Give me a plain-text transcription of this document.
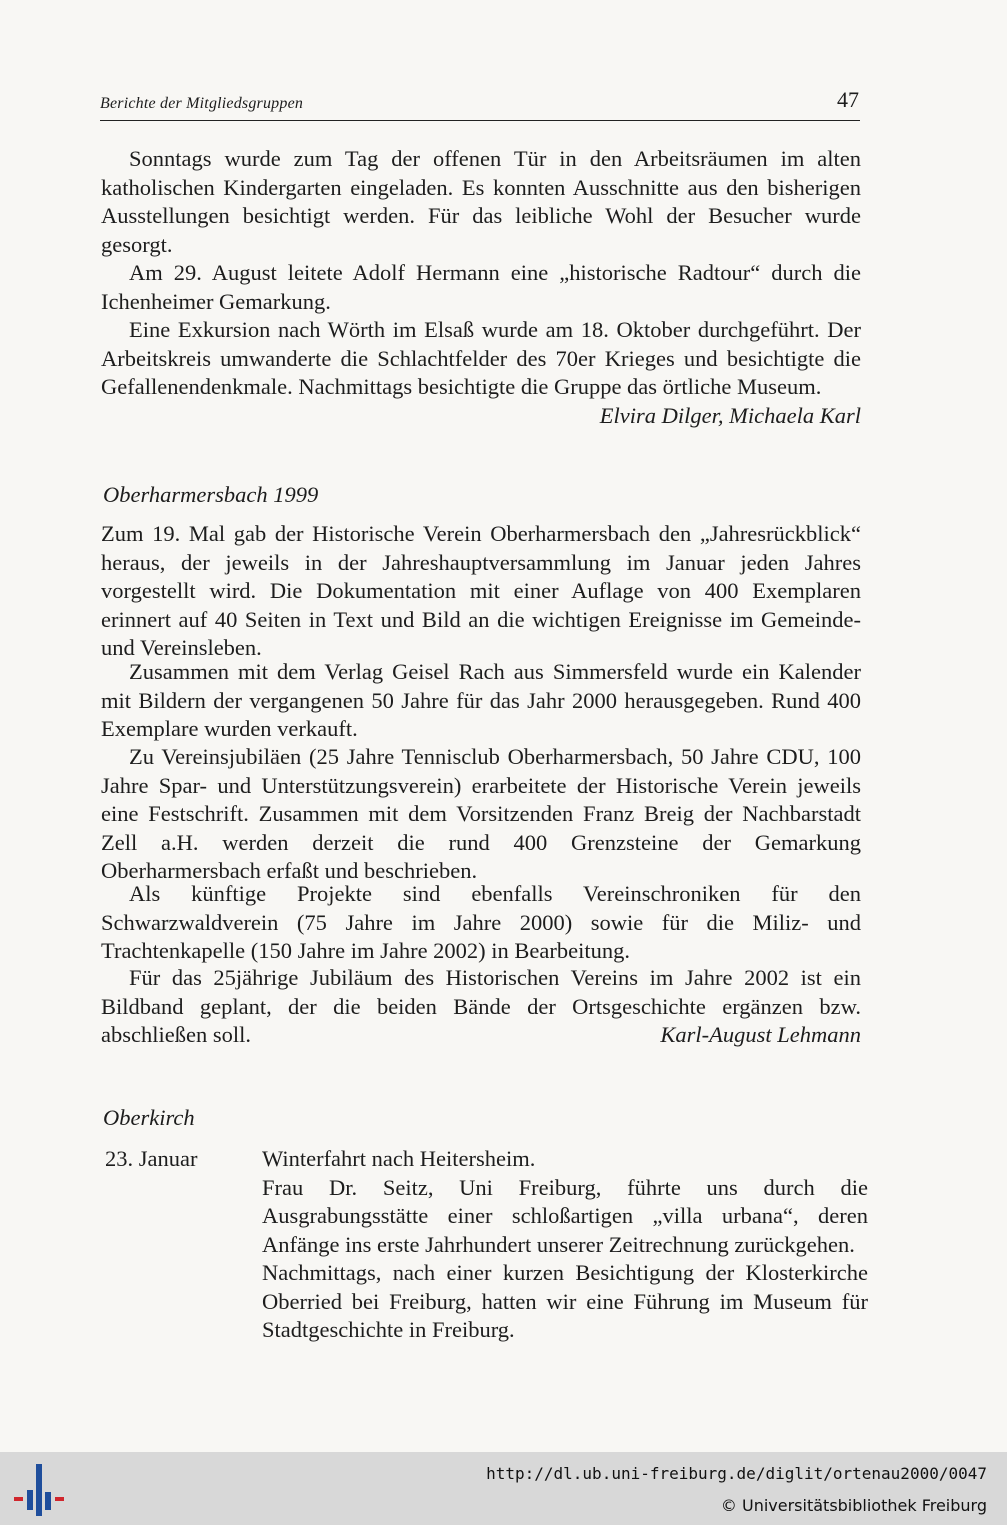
Berichte der Mitgliedsgruppen	47

Sonntags wurde zum Tag der offenen Tür in den Arbeitsräumen im alten katholischen Kindergarten eingeladen. Es konnten Ausschnitte aus den bisherigen Ausstellungen besichtigt werden. Für das leibliche Wohl der Besucher wurde gesorgt.

Am 29. August leitete Adolf Hermann eine „historische Radtour“ durch die Ichenheimer Gemarkung.

Eine Exkursion nach Wörth im Elsaß wurde am 18. Oktober durchgeführt. Der Arbeitskreis umwanderte die Schlachtfelder des 70er Krieges und besichtigte die Gefallenendenkmale. Nachmittags besichtigte die Gruppe das örtliche Museum.
Elvira Dilger, Michaela Karl

Oberharmersbach 1999

Zum 19. Mal gab der Historische Verein Oberharmersbach den „Jahresrückblick“ heraus, der jeweils in der Jahreshauptversammlung im Januar jeden Jahres vorgestellt wird. Die Dokumentation mit einer Auflage von 400 Exemplaren erinnert auf 40 Seiten in Text und Bild an die wichtigen Ereignisse im Gemeinde- und Vereinsleben.

Zusammen mit dem Verlag Geisel Rach aus Simmersfeld wurde ein Kalender mit Bildern der vergangenen 50 Jahre für das Jahr 2000 herausgegeben. Rund 400 Exemplare wurden verkauft.

Zu Vereinsjubiläen (25 Jahre Tennisclub Oberharmersbach, 50 Jahre CDU, 100 Jahre Spar- und Unterstützungsverein) erarbeitete der Historische Verein jeweils eine Festschrift. Zusammen mit dem Vorsitzenden Franz Breig der Nachbarstadt Zell a.H. werden derzeit die rund 400 Grenzsteine der Gemarkung Oberharmersbach erfaßt und beschrieben.

Als künftige Projekte sind ebenfalls Vereinschroniken für den Schwarzwaldverein (75 Jahre im Jahre 2000) sowie für die Miliz- und Trachtenkapelle (150 Jahre im Jahre 2002) in Bearbeitung.

Für das 25jährige Jubiläum des Historischen Vereins im Jahre 2002 ist ein Bildband geplant, der die beiden Bände der Ortsgeschichte ergänzen bzw. abschließen soll.	Karl-August Lehmann

Oberkirch
23. Januar	Winterfahrt nach Heitersheim.

Frau Dr. Seitz, Uni Freiburg, führte uns durch die Ausgrabungsstätte einer schloßartigen „villa urbana“, deren Anfänge ins erste Jahrhundert unserer Zeitrechnung zurückgehen.

Nachmittags, nach einer kurzen Besichtigung der Klosterkirche Oberried bei Freiburg, hatten wir eine Führung im Museum für Stadtgeschichte in Freiburg.

http://dl.ub.uni-freiburg.de/diglit/ortenau2000/0047
© Universitätsbibliothek Freiburg
